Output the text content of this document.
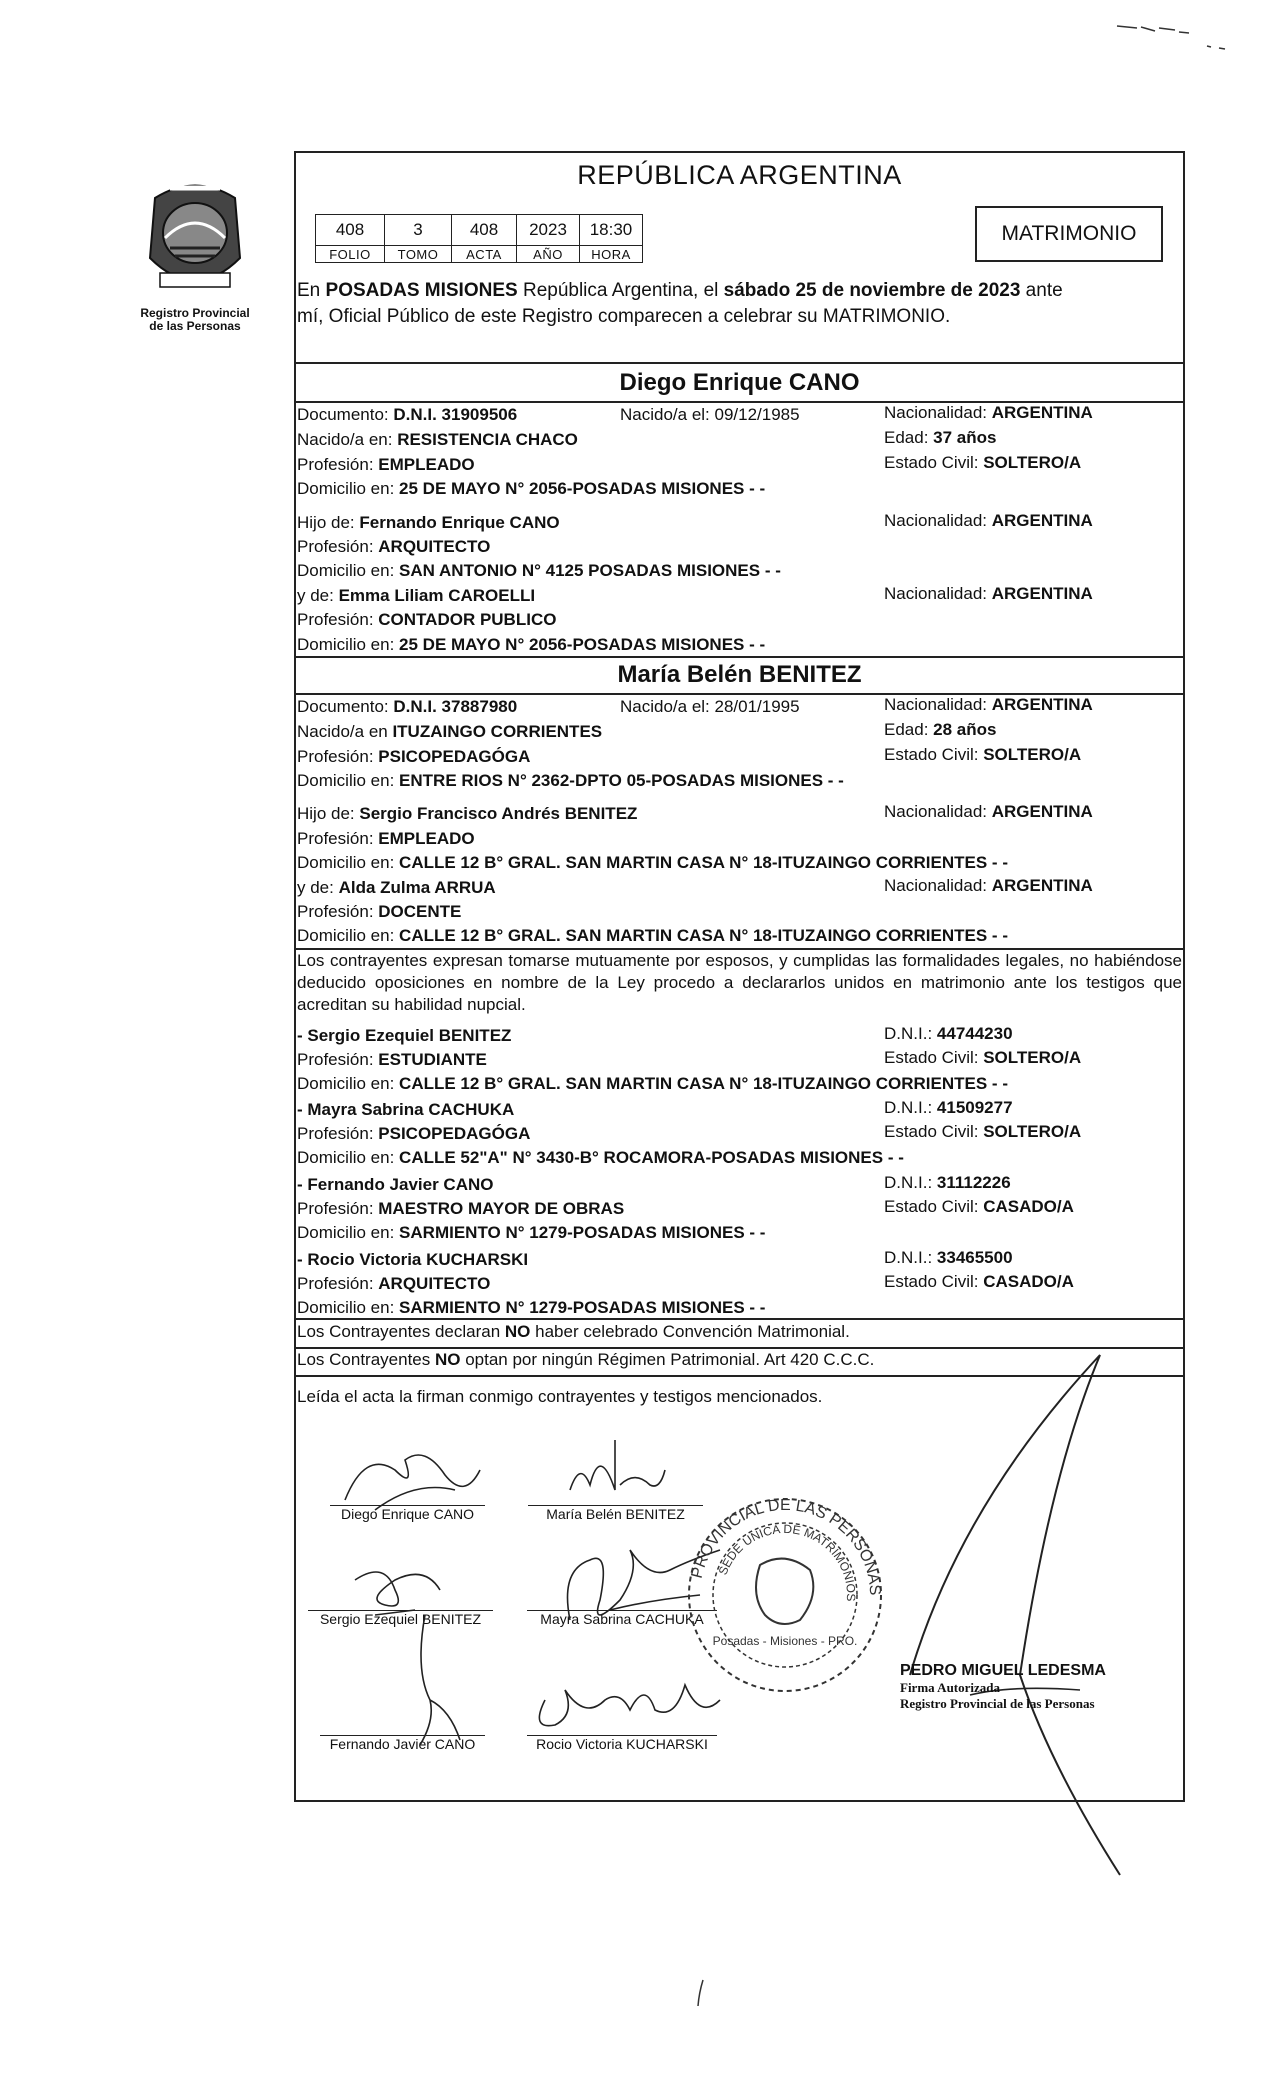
Registro Provincial
de las Personas
REPÚBLICA ARGENTINA
408	3	408	2023	18:30
FOLIO	TOMO	ACTA	AÑO	HORA
MATRIMONIO
En POSADAS MISIONES República Argentina, el sábado 25 de noviembre de 2023 ante
mí, Oficial Público de este Registro comparecen a celebrar su MATRIMONIO.
Diego Enrique CANO
Documento: D.N.I. 31909506	Nacido/a el: 09/12/1985	Nacionalidad: ARGENTINA
Nacido/a en: RESISTENCIA CHACO	Edad: 37 años
Profesión: EMPLEADO	Estado Civil: SOLTERO/A
Domicilio en: 25 DE MAYO N° 2056-POSADAS MISIONES - -
Hijo de: Fernando Enrique CANO	Nacionalidad: ARGENTINA
Profesión: ARQUITECTO
Domicilio en: SAN ANTONIO N° 4125 POSADAS MISIONES - -
y de: Emma Liliam CAROELLI	Nacionalidad: ARGENTINA
Profesión: CONTADOR PUBLICO
Domicilio en: 25 DE MAYO N° 2056-POSADAS MISIONES - -
María Belén BENITEZ
Documento: D.N.I. 37887980	Nacido/a el: 28/01/1995	Nacionalidad: ARGENTINA
Nacido/a en ITUZAINGO CORRIENTES	Edad: 28 años
Profesión: PSICOPEDAGÓGA	Estado Civil: SOLTERO/A
Domicilio en: ENTRE RIOS N° 2362-DPTO 05-POSADAS MISIONES - -
Hijo de: Sergio Francisco Andrés BENITEZ	Nacionalidad: ARGENTINA
Profesión: EMPLEADO
Domicilio en: CALLE 12 B° GRAL. SAN MARTIN CASA N° 18-ITUZAINGO CORRIENTES - -
y de: Alda Zulma ARRUA	Nacionalidad: ARGENTINA
Profesión: DOCENTE
Domicilio en: CALLE 12 B° GRAL. SAN MARTIN CASA N° 18-ITUZAINGO CORRIENTES - -
Los contrayentes expresan tomarse mutuamente por esposos, y cumplidas las formalidades legales, no habiéndose deducido oposiciones en nombre de la Ley procedo a declararlos unidos en matrimonio ante los testigos que acreditan su habilidad nupcial.
- Sergio Ezequiel BENITEZ	D.N.I.: 44744230
Profesión: ESTUDIANTE	Estado Civil: SOLTERO/A
Domicilio en: CALLE 12 B° GRAL. SAN MARTIN CASA N° 18-ITUZAINGO CORRIENTES - -
- Mayra Sabrina CACHUKA	D.N.I.: 41509277
Profesión: PSICOPEDAGÓGA	Estado Civil: SOLTERO/A
Domicilio en: CALLE 52"A" N° 3430-B° ROCAMORA-POSADAS MISIONES - -
- Fernando Javier CANO	D.N.I.: 31112226
Profesión: MAESTRO MAYOR DE OBRAS	Estado Civil: CASADO/A
Domicilio en: SARMIENTO N° 1279-POSADAS MISIONES - -
- Rocio Victoria KUCHARSKI	D.N.I.: 33465500
Profesión: ARQUITECTO	Estado Civil: CASADO/A
Domicilio en: SARMIENTO N° 1279-POSADAS MISIONES - -
Los Contrayentes declaran NO haber celebrado Convención Matrimonial.
Los Contrayentes NO optan por ningún Régimen Patrimonial. Art 420 C.C.C.
Leída el acta la firman conmigo contrayentes y testigos mencionados.
Diego Enrique CANO	María Belén BENITEZ
Sergio Ezequiel BENITEZ	Mayra Sabrina CACHUKA
Fernando Javier CANO	Rocio Victoria KUCHARSKI
PROVINCIAL DE LAS PERSONAS
SEDE UNICA DE MATRIMONIOS
Posadas - Misiones - PRO.
PEDRO MIGUEL LEDESMA
Firma Autorizada
Registro Provincial de las Personas
